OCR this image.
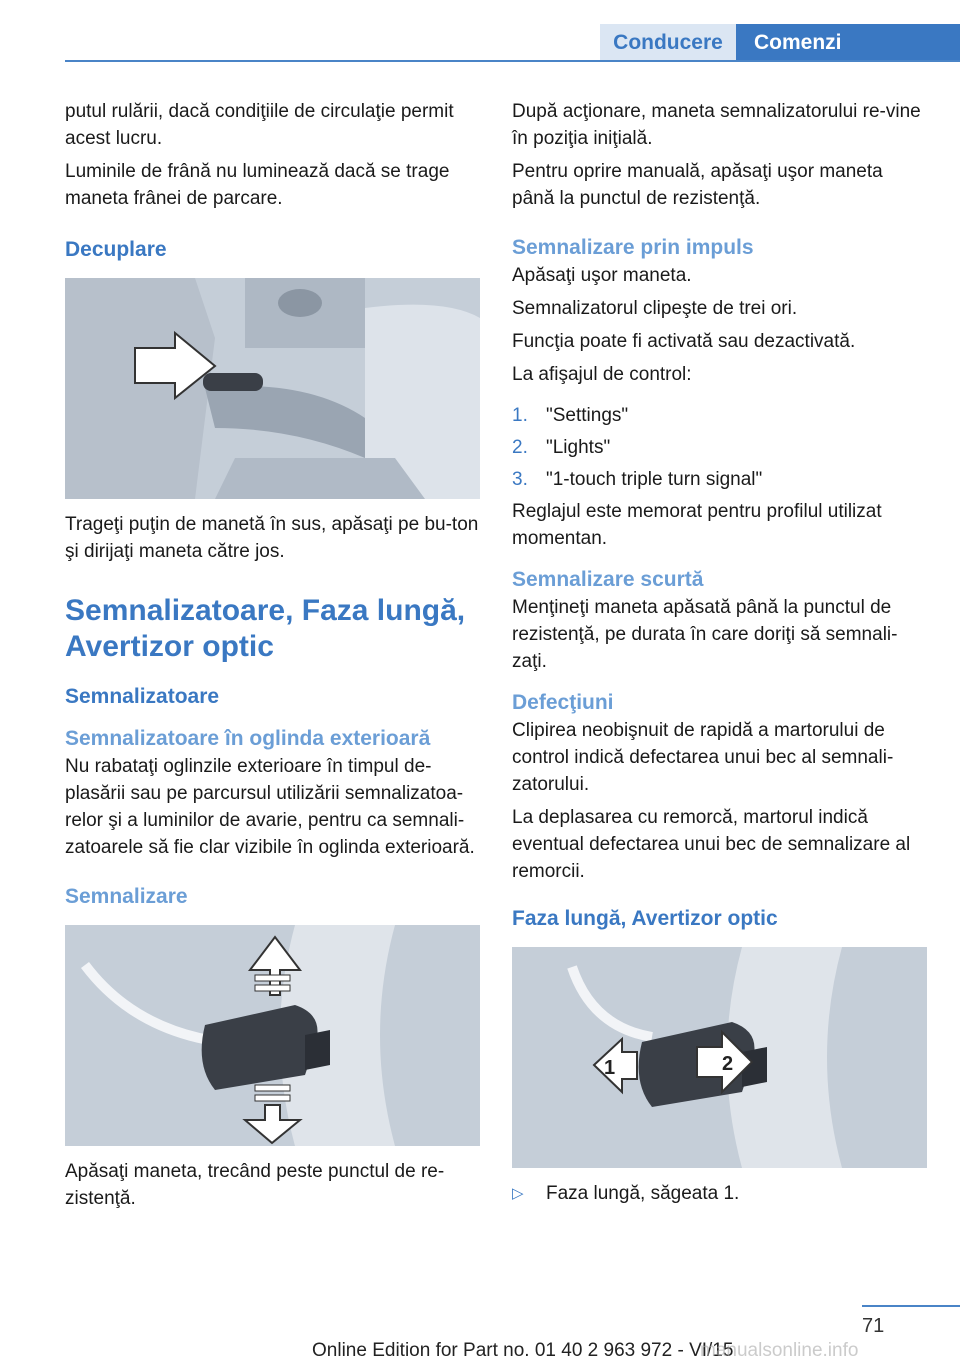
Conducere	Comenzi

putul rulării, dacă condiţiile de circulaţie permit acest lucru.

Luminile de frână nu luminează dacă se trage maneta frânei de parcare.

Decuplare

Trageţi puţin de manetă în sus, apăsaţi pe bu-ton şi dirijaţi maneta către jos.

Semnalizatoare, Faza lungă, Avertizor optic
Semnalizatoare
Semnalizatoare în oglinda exterioară

Nu rabataţi oglinzile exterioare în timpul de-plasării sau pe parcursul utilizării semnalizatoa-relor şi a luminilor de avarie, pentru ca semnali-zatoarele să fie clar vizibile în oglinda exterioară.

Semnalizare

Apăsaţi maneta, trecând peste punctul de re-zistenţă.

După acţionare, maneta semnalizatorului re-vine în poziţia iniţială.

Pentru oprire manuală, apăsaţi uşor maneta până la punctul de rezistenţă.

Semnalizare prin impuls

Apăsaţi uşor maneta.

Semnalizatorul clipeşte de trei ori.

Funcţia poate fi activată sau dezactivată.

La afişajul de control:

1. "Settings"
2. "Lights"
3. "1-touch triple turn signal"

Reglajul este memorat pentru profilul utilizat momentan.

Semnalizare scurtă

Menţineţi maneta apăsată până la punctul de rezistenţă, pe durata în care doriţi să semnali-zaţi.

Defecţiuni

Clipirea neobişnuit de rapidă a martorului de control indică defectarea unui bec al semnali-zatorului.

La deplasarea cu remorcă, martorul indică eventual defectarea unui bec de semnalizare al remorcii.

Faza lungă, Avertizor optic
1	2
▷ Faza lungă, săgeata 1.
71
Online Edition for Part no. 01 40 2 963 972 - VI/15
manualsonline.info
